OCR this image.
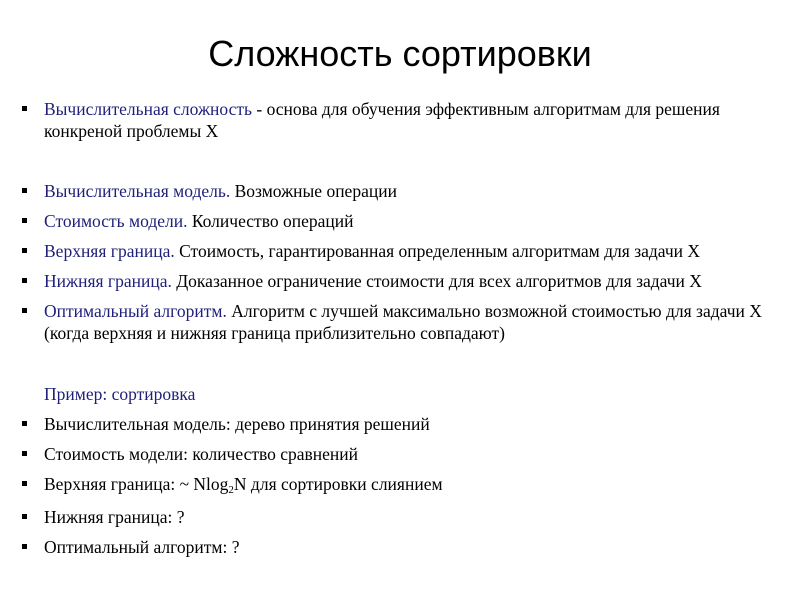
Сложность сортировки
Вычислительная сложность - основа для обучения эффективным алгоритмам для решения конкреной проблемы Х
Вычислительная модель. Возможные операции
Стоимость модели. Количество операций
Верхняя граница. Стоимость, гарантированная определенным алгоритмам для задачи Х
Нижняя граница. Доказанное ограничение стоимости для всех алгоритмов для задачи Х
Оптимальный алгоритм. Алгоритм с лучшей максимально возможной стоимостью для задачи Х (когда верхняя и нижняя граница приблизительно совпадают)
Пример: сортировка
Вычислительная модель: дерево принятия решений
Стоимость модели: количество сравнений
Верхняя граница: ~ Nlog$_2$N для сортировки слиянием
Нижняя граница: ?
Оптимальный алгоритм: ?
